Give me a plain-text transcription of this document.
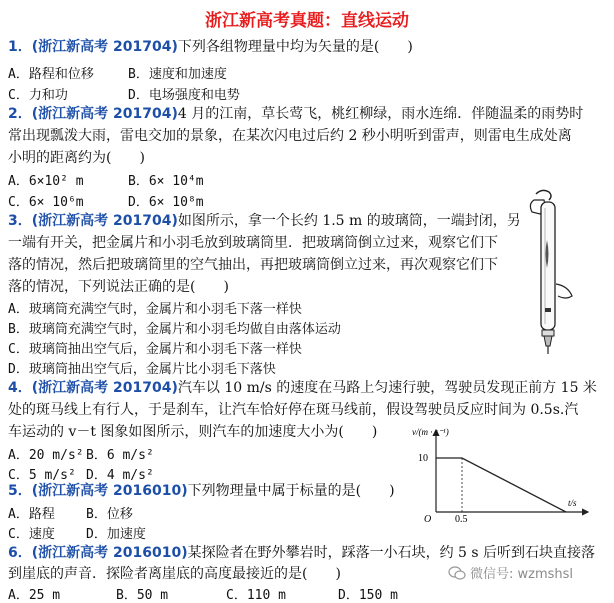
浙江新高考真题：直线运动
1．(浙江新高考 201704)下列各组物理量中均为矢量的是(　　)
A．路程和位移	B．速度和加速度
C．力和功	D．电场强度和电势
2．(浙江新高考 201704)4 月的江南，草长莺飞，桃红柳绿，雨水连绵．伴随温柔的雨势时
常出现瓢泼大雨，雷电交加的景象，在某次闪电过后约 2 秒小明听到雷声，则雷电生成处离
小明的距离约为(　　)
A．6×10² m	B．6× 10⁴m
C．6× 10⁶m	D．6× 10⁸m
3．(浙江新高考 201704)如图所示，拿一个长约 1.5 m 的玻璃筒，一端封闭，另
一端有开关，把金属片和小羽毛放到玻璃筒里．把玻璃筒倒立过来，观察它们下
落的情况，然后把玻璃筒里的空气抽出，再把玻璃筒倒立过来，再次观察它们下
落的情况，下列说法正确的是(　　)
A．玻璃筒充满空气时，金属片和小羽毛下落一样快
B．玻璃筒充满空气时，金属片和小羽毛均做自由落体运动
C．玻璃筒抽出空气后，金属片和小羽毛下落一样快
D．玻璃筒抽出空气后，金属片比小羽毛下落快
4．(浙江新高考 201704)汽车以 10 m/s 的速度在马路上匀速行驶，驾驶员发现正前方 15 米
处的斑马线上有行人，于是刹车，让汽车恰好停在斑马线前，假设驾驶员反应时间为 0.5s.汽
车运动的 v－t 图象如图所示，则汽车的加速度大小为(　　)
A．20 m/s² B．6 m/s²
C．5 m/s² D．4 m/s²
v/(m · s⁻¹)
t/s
O
10
0.5
5．(浙江新高考 2016010)下列物理量中属于标量的是(　　)
A．路程 B．位移
C．速度 D．加速度
6．(浙江新高考 2016010)某探险者在野外攀岩时，踩落一小石块，约 5 s 后听到石块直接落
到崖底的声音．探险者离崖底的高度最接近的是(　　)
A．25 m	B．50 m	C．110 m	D．150 m
微信号: wzmshsl
